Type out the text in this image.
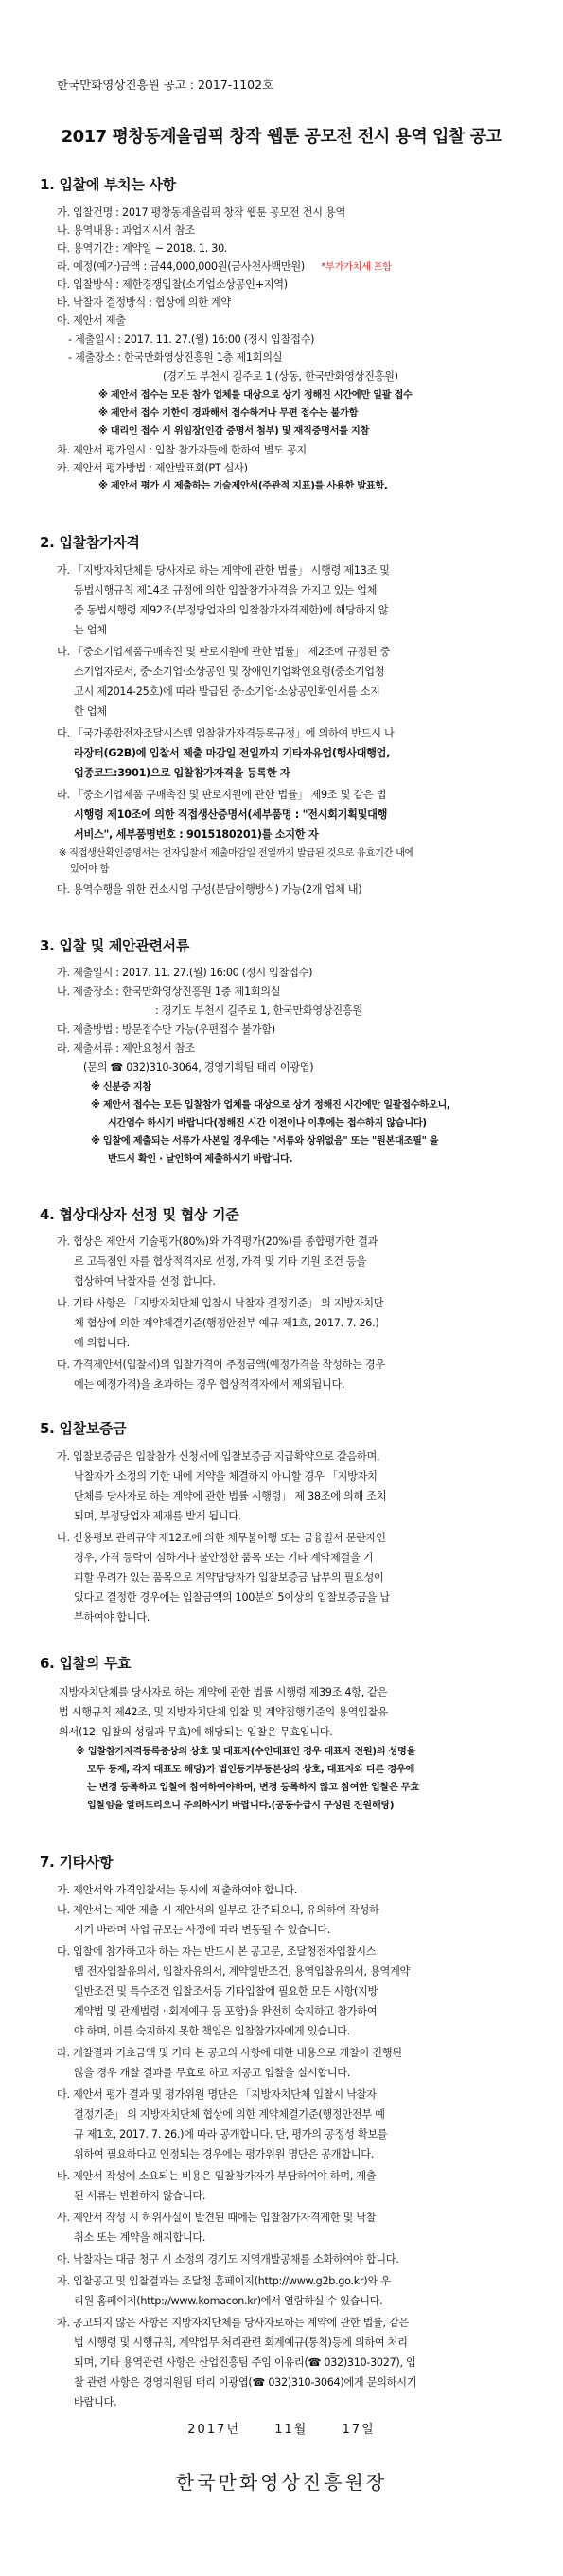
한국만화영상진흥원 공고 : 2017-1102호
2017 평창동계올림픽 창작 웹툰 공모전 전시 용역 입찰 공고
1. 입찰에 부치는 사항
가. 입찰건명 : 2017 평창동계올림픽 창작 웹툰 공모전 전시 용역
나. 용역내용 : 과업지시서 참조
다. 용역기간 : 계약일 ~ 2018. 1. 30.
라. 예정(예가)금액 : 금44,000,000원(금사천사백만원) *부가가치세 포함
마. 입찰방식 : 제한경쟁입찰(소기업소상공인+지역)
바. 낙찰자 결정방식 : 협상에 의한 계약
아. 제안서 제출
- 제출일시 : 2017. 11. 27.(월) 16:00 (정시 입찰접수)
- 제출장소 : 한국만화영상진흥원 1층 제1회의실
(경기도 부천시 길주로 1 (상동, 한국만화영상진흥원)
※ 제안서 접수는 모든 참가 업체를 대상으로 상기 정해진 시간에만 일괄 접수
※ 제안서 접수 기한이 경과해서 접수하거나 무편 접수는 불가함
※ 대리인 접수 시 위임장(인감 증명서 첨부) 및 재직증명서를 지참
차. 제안서 평가일시 : 입찰 참가자들에 한하여 별도 공지
카. 제안서 평가방법 : 제안발표회(PT 심사)
※ 제안서 평가 시 제출하는 기술제안서(주관적 지표)를 사용한 발표함.
2. 입찰참가자격
가. 「지방자치단체를 당사자로 하는 계약에 관한 법률」 시행령 제13조 및
동법시행규칙 제14조 규정에 의한 입찰참가자격을 가지고 있는 업체
중 동법시행령 제92조(부정당업자의 입찰참가자격제한)에 해당하지 않
는 업체
나. 「중소기업제품구매촉진 및 판로지원에 관한 법률」 제2조에 규정된 중
소기업자로서, 중·소기업·소상공인 및 장애인기업확인요령(중소기업청
고시 제2014-25호)에 따라 발급된 중·소기업·소상공인확인서를 소지
한 업체
다. 「국가종합전자조달시스템 입찰참가자격등록규정」에 의하여 반드시 나
라장터(G2B)에 입찰서 제출 마감일 전일까지 기타자유업(행사대행업,
업종코드:3901)으로 입찰참가자격을 등록한 자
라. 「중소기업제품 구매촉진 및 판로지원에 관한 법률」 제9조 및 같은 법
시행령 제10조에 의한 직접생산증명서(세부품명 : "전시회기획및대행
서비스", 세부품명번호 : 9015180201)를 소지한 자
※ 직접생산확인증명서는 전자입찰서 제출마감일 전일까지 발급된 것으로 유효기간 내에
있어야 함
마. 용역수행을 위한 컨소시엄 구성(분담이행방식) 가능(2개 업체 내)
3. 입찰 및 제안관련서류
가. 제출일시 : 2017. 11. 27.(월) 16:00 (정시 입찰접수)
나. 제출장소 : 한국만화영상진흥원 1층 제1회의실
: 경기도 부천시 길주로 1, 한국만화영상진흥원
다. 제출방법 : 방문접수만 가능(우편접수 불가함)
라. 제출서류 : 제안요청서 참조
(문의 ☎ 032)310-3064, 경영기획팀 태리 이광엽)
※ 신분증 지참
※ 제안서 접수는 모든 입찰참가 업체를 대상으로 상기 정해진 시간에만 일괄접수하오니,
시간엄수 하시기 바랍니다(정해진 시간 이전이나 이후에는 접수하지 않습니다)
※ 입찰에 제출되는 서류가 사본일 경우에는 "서류와 상위없음" 또는 "원본대조필" 을
반드시 확인 · 날인하여 제출하시기 바랍니다.
4. 협상대상자 선정 및 협상 기준
가. 협상은 제안서 기술평가(80%)와 가격평가(20%)를 종합평가한 결과
로 고득점인 자를 협상적격자로 선정, 가격 및 기타 기원 조건 등을
협상하여 낙찰자를 선정 합니다.
나. 기타 사항은 「지방자치단체 입찰시 낙찰자 결정기준」 의 지방자치단
체 협상에 의한 계약체결기준(행정안전부 예규 제1호, 2017. 7. 26.)
에 의합니다.
다. 가격제안서(입찰서)의 입찰가격이 추정금액(예정가격을 작성하는 경우
에는 예정가격)을 초과하는 경우 협상적격자에서 제외됩니다.
5. 입찰보증금
가. 입찰보증금은 입찰참가 신청서에 입찰보증금 지급확약으로 갈음하며,
낙찰자가 소정의 기한 내에 계약을 체결하지 아니할 경우 「지방자치
단체를 당사자로 하는 계약에 관한 법률 시행령」 제 38조에 의해 조치
되며, 부정당업자 제재를 받게 됩니다.
나. 신용평보 관리규약 제12조에 의한 채무불이행 또는 금융질서 문란자인
경우, 가격 등락이 심하거나 불안정한 품목 또는 기타 계약체결을 기
피할 우려가 있는 품목으로 계약담당자가 입찰보증금 납부의 필요성이
있다고 결정한 경우에는 입찰금액의 100분의 5이상의 입찰보증금을 납
부하여야 합니다.
6. 입찰의 무효
지방자치단체를 당사자로 하는 계약에 관한 법률 시행령 제39조 4항, 같은
법 시행규칙 제42조, 및 지방자치단체 입찰 및 계약집행기준의 용역입찰유
의서(12. 입찰의 성립과 무효)에 해당되는 입찰은 무효입니다.
※ 입찰참가자격등록증상의 상호 및 대표자(수인대표인 경우 대표자 전원)의 성명을
모두 등재, 각자 대표도 해당)가 법인등기부등본상의 상호, 대표자와 다른 경우에
는 변경 등록하고 입찰에 참여하여야하며, 변경 등록하지 않고 참여한 입찰은 무효
입찰임을 알려드리오니 주의하시기 바랍니다.(공동수급시 구성원 전원해당)
7. 기타사항
가. 제안서와 가격입찰서는 동시에 제출하여야 합니다.
나. 제안서는 제안 제출 시 제안서의 일부로 간주되오니, 유의하여 작성하
시기 바라며 사업 규모는 사정에 따라 변동될 수 있습니다.
다. 입찰에 참가하고자 하는 자는 반드시 본 공고문, 조달청전자입찰시스
템 전자입찰유의서, 입찰자유의서, 계약일반조건, 용역입찰유의서, 용역계약
일반조건 및 특수조건 입찰조서등 기타입찰에 필요한 모든 사항(지방
계약법 및 관계법령 · 회계예규 등 포함)을 완전히 숙지하고 참가하여
야 하며, 이를 숙지하지 못한 책임은 입찰참가자에게 있습니다.
라. 개찰결과 기초금액 및 기타 본 공고의 사항에 대한 내용으로 개찰이 진행된
않을 경우 개찰 결과를 무효로 하고 재공고 입찰을 실시합니다.
마. 제안서 평가 결과 및 평가위원 명단은 「지방자치단체 입찰시 낙찰자
결정기준」 의 지방자치단체 협상에 의한 계약체결기준(행정안전부 예
규 제1호, 2017. 7. 26.)에 따라 공개합니다. 단, 평가의 공정성 확보를
위하여 필요하다고 인정되는 경우에는 평가위원 명단은 공개합니다.
바. 제안서 작성에 소요되는 비용은 입찰참가자가 부담하여야 하며, 제출
된 서류는 반환하지 않습니다.
사. 제안서 작성 시 허위사실이 발견된 때에는 입찰참가자격제한 및 낙찰
취소 또는 계약을 해지합니다.
아. 낙찰자는 대금 청구 시 소정의 경기도 지역개발공채를 소화하여야 합니다.
자. 입찰공고 및 입찰결과는 조달청 홈페이지(http://www.g2b.go.kr)와 우
리원 홈페이지(http://www.komacon.kr)에서 열람하실 수 있습니다.
차. 공고되지 않은 사항은 지방자치단체를 당사자로하는 계약에 관한 법률, 같은
법 시행령 및 시행규칙, 계약업무 처리관련 회계예규(통칙)등에 의하여 처리
되며, 기타 용역관련 사항은 산업진흥팀 주임 이유리(☎ 032)310-3027), 입
찰 관련 사항은 경영지원팀 태리 이광엽(☎ 032)310-3064)에게 문의하시기
바랍니다.
2017년	11월	17일
한국만화영상진흥원장
